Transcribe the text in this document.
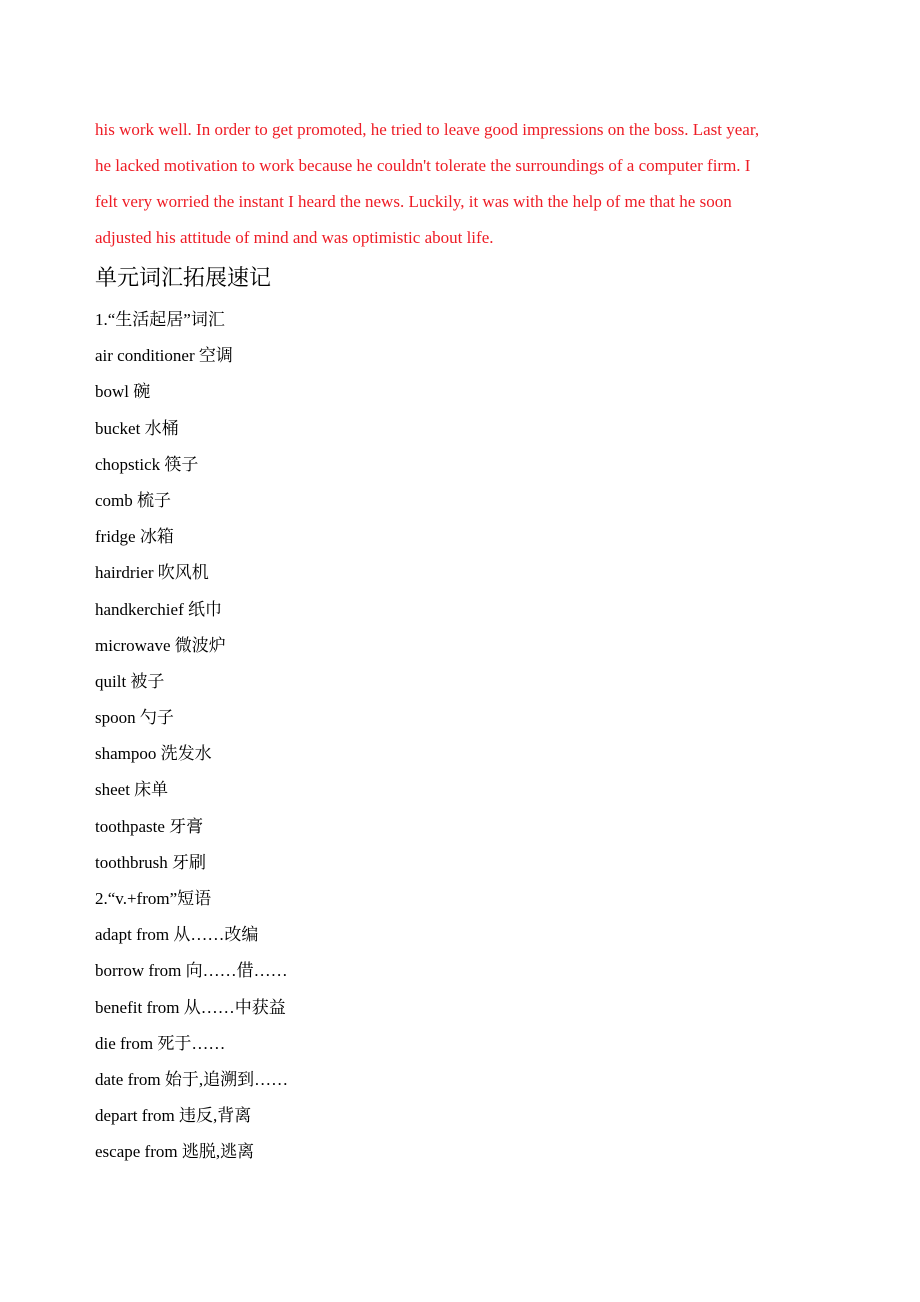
his work well. In order to get promoted, he tried to leave good impressions on the boss. Last year,
he lacked motivation to work because he couldn't tolerate the surroundings of a computer firm. I
felt very worried the instant I heard the news. Luckily, it was with the help of me that he soon
adjusted his attitude of mind and was optimistic about life.
单元词汇拓展速记
1.“生活起居”词汇
air conditioner 空调
bowl 碗
bucket 水桶
chopstick 筷子
comb 梳子
fridge 冰箱
hairdrier 吹风机
handkerchief 纸巾
microwave 微波炉
quilt 被子
spoon 勺子
shampoo 洗发水
sheet 床单
toothpaste 牙膏
toothbrush 牙刷
2.“v.+from”短语
adapt from 从……改编
borrow from 向……借……
benefit from 从……中获益
die from 死于……
date from 始于,追溯到……
depart from 违反,背离
escape from 逃脱,逃离
